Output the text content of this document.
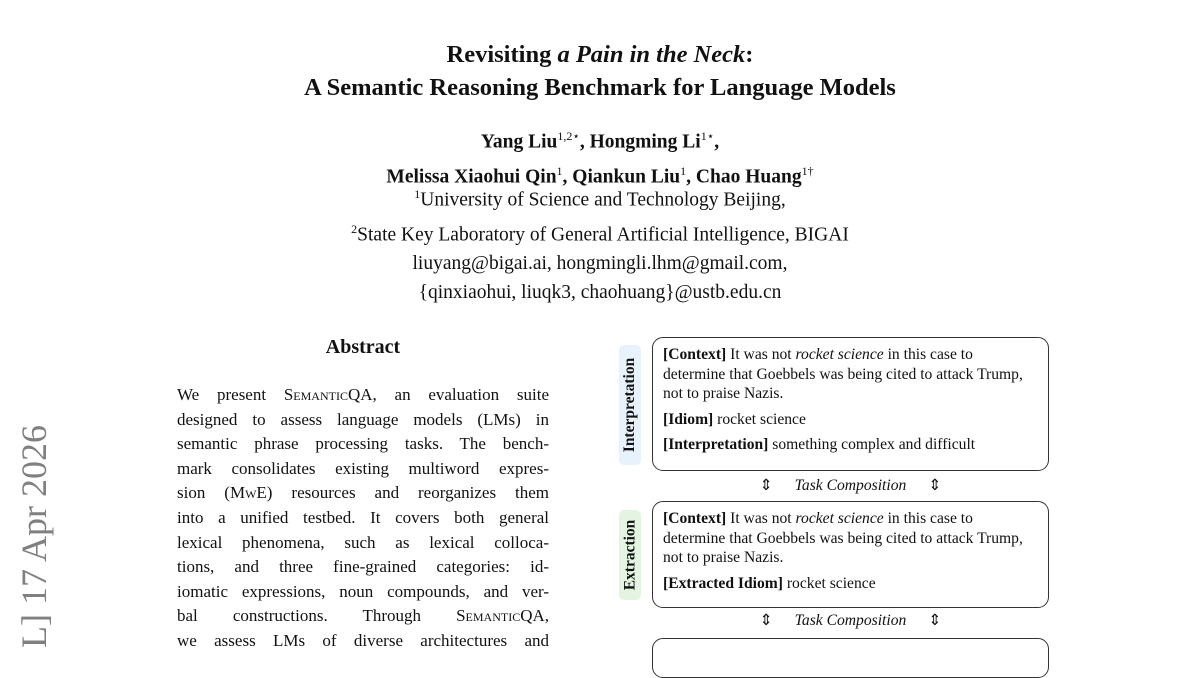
Revisiting a Pain in the Neck:
A Semantic Reasoning Benchmark for Language Models
Yang Liu$^{1,2⋆}$, Hongming $Li^{1⋆}$,
Melissa Xiaohui Qin$^1$, Qiankun Liu$^1$, Chao Huang$^{1\dagger}$
$^1$University of Science and Technology Beijing,
$^2$State Key Laboratory of General Artificial Intelligence, BIGAI
liuyang@bigai.ai, hongmingli.lhm@gmail.com,
{qinxiaohui, liuqk3, chaohuang}@ustb.edu.cn
L] 17 Apr 2026
Abstract
We present SemanticQA, an evaluation suite
designed to assess language models (LMs) in
semantic phrase processing tasks. The bench-
mark consolidates existing multiword expres-
sion (MwE) resources and reorganizes them
into a unified testbed. It covers both general
lexical phenomena, such as lexical colloca-
tions, and three fine-grained categories: id-
iomatic expressions, noun compounds, and ver-
bal constructions. Through SemanticQA,
we assess LMs of diverse architectures and
Interpretation

[Context] It was not rocket science in this case to determine that Goebbels was being cited to attack Trump, not to praise Nazis.

[Idiom] rocket science

[Interpretation] something complex and difficult

⇕ Task Composition ⇕
Extraction

[Context] It was not rocket science in this case to determine that Goebbels was being cited to attack Trump, not to praise Nazis.

[Extracted Idiom] rocket science

⇕ Task Composition ⇕
